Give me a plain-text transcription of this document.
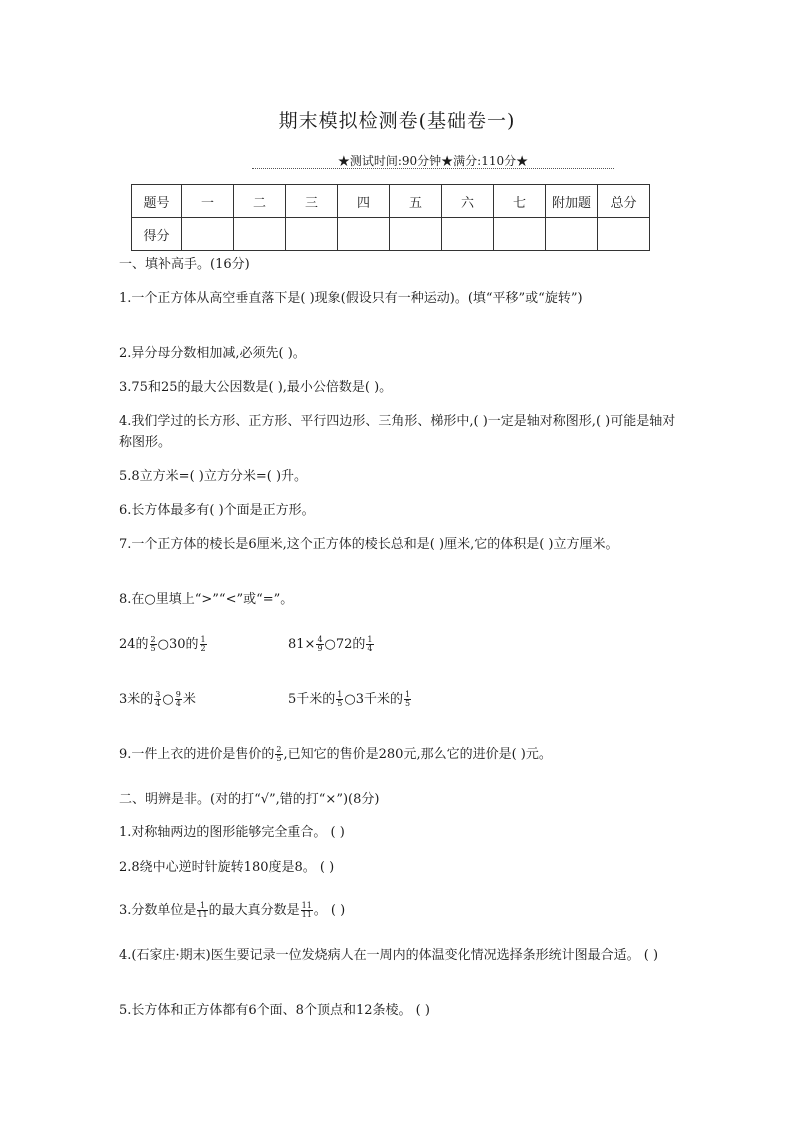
期末模拟检测卷(基础卷一)
★测试时间:90分钟★满分:110分★
题号	一	二	三	四	五	六	七	附加题	总分
得分									

一、填补高手。(16分)

1.一个正方体从高空垂直落下是( )现象(假设只有一种运动)。(填“平移”或“旋转”)

2.异分母分数相加减,必须先( )。

3.75和25的最大公因数是( ),最小公倍数是( )。

4.我们学过的长方形、正方形、平行四边形、三角形、梯形中,( )一定是轴对称图形,( )可能是轴对称图形。

5.8立方米=( )立方分米=( )升。

6.长方体最多有( )个面是正方形。

7.一个正方体的棱长是6厘米,这个正方体的棱长总和是( )厘米,它的体积是( )立方厘米。

8.在○里填上“>”“<”或“=”。

24的 $\frac{2}{5}$ ○30的 $\frac{1}{2}$	$81\times \frac{4}{9}$ ○72的 $\frac{1}{4}$

3米的 $\frac{3}{4}$ ○ $\frac{9}{4}$ 米	5千米的 $\frac{1}{5}$ ○3千米的 $\frac{1}{5}$

9.一件上衣的进价是售价的 $\frac{2}{5}$ ,已知它的售价是280元,那么它的进价是( )元。

二、明辨是非。(对的打“√”,错的打“×”)(8分)

1.对称轴两边的图形能够完全重合。 ( )

2.8绕中心逆时针旋转180度是8。 ( )

3.分数单位是 $\frac{1}{11}$ 的最大真分数是 $\frac{11}{11}$ 。 ( )

4.(石家庄·期末)医生要记录一位发烧病人在一周内的体温变化情况选择条形统计图最合适。 ( )

5.长方体和正方体都有6个面、8个顶点和12条棱。 ( )
